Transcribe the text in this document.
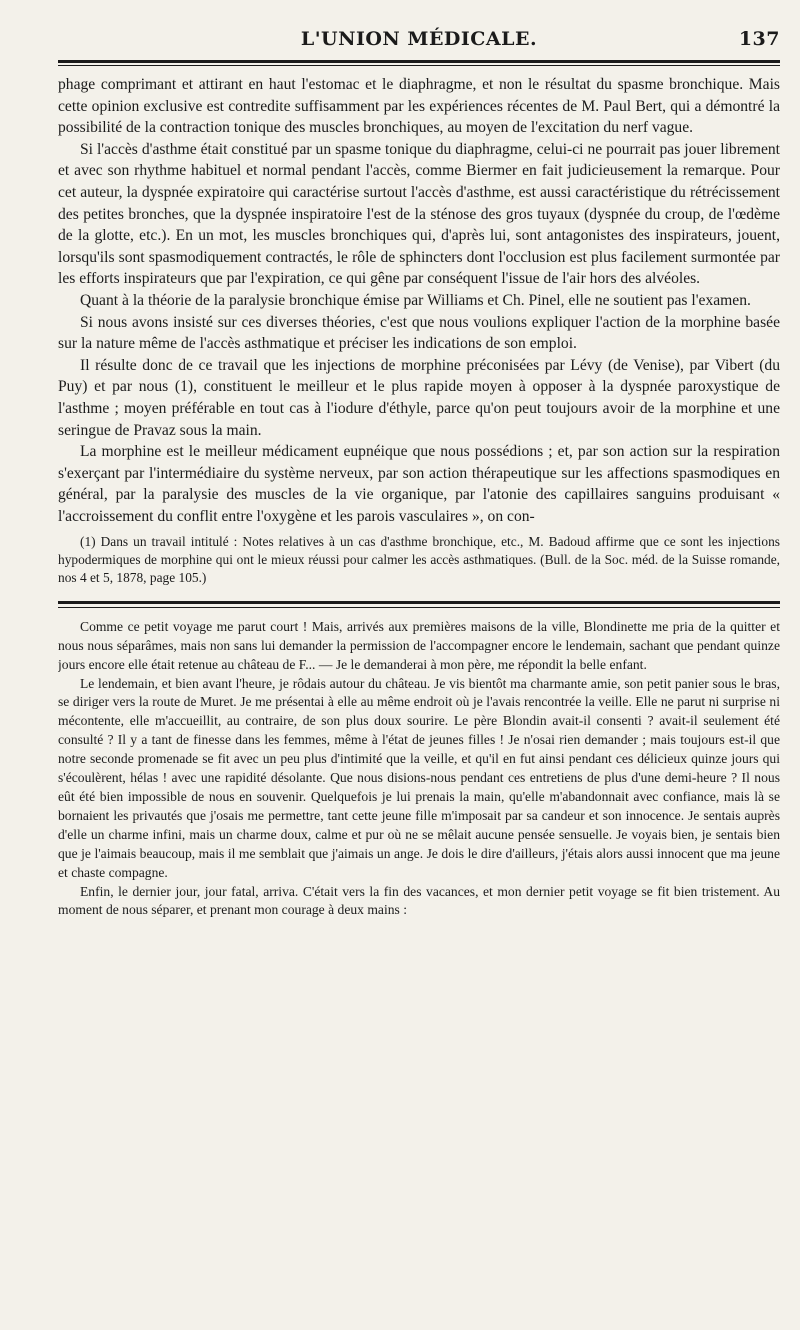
L'UNION MÉDICALE.	137

phage comprimant et attirant en haut l'estomac et le diaphragme, et non le résultat du spasme bronchique. Mais cette opinion exclusive est contredite suffisamment par les expériences récentes de M. Paul Bert, qui a démontré la possibilité de la contraction tonique des muscles bronchiques, au moyen de l'excitation du nerf vague.

Si l'accès d'asthme était constitué par un spasme tonique du diaphragme, celui-ci ne pourrait pas jouer librement et avec son rhythme habituel et normal pendant l'accès, comme Biermer en fait judicieusement la remarque. Pour cet auteur, la dyspnée expiratoire qui caractérise surtout l'accès d'asthme, est aussi caractéristique du rétrécissement des petites bronches, que la dyspnée inspiratoire l'est de la sténose des gros tuyaux (dyspnée du croup, de l'œdème de la glotte, etc.). En un mot, les muscles bronchiques qui, d'après lui, sont antagonistes des inspirateurs, jouent, lorsqu'ils sont spasmodiquement contractés, le rôle de sphincters dont l'occlusion est plus facilement surmontée par les efforts inspirateurs que par l'expiration, ce qui gêne par conséquent l'issue de l'air hors des alvéoles.

Quant à la théorie de la paralysie bronchique émise par Williams et Ch. Pinel, elle ne soutient pas l'examen.

Si nous avons insisté sur ces diverses théories, c'est que nous voulions expliquer l'action de la morphine basée sur la nature même de l'accès asthmatique et préciser les indications de son emploi.

Il résulte donc de ce travail que les injections de morphine préconisées par Lévy (de Venise), par Vibert (du Puy) et par nous (1), constituent le meilleur et le plus rapide moyen à opposer à la dyspnée paroxystique de l'asthme ; moyen préférable en tout cas à l'iodure d'éthyle, parce qu'on peut toujours avoir de la morphine et une seringue de Pravaz sous la main.

La morphine est le meilleur médicament eupnéique que nous possédions ; et, par son action sur la respiration s'exerçant par l'intermédiaire du système nerveux, par son action thérapeutique sur les affections spasmodiques en général, par la paralysie des muscles de la vie organique, par l'atonie des capillaires sanguins produisant « l'accroissement du conflit entre l'oxygène et les parois vasculaires », on con-

(1) Dans un travail intitulé : Notes relatives à un cas d'asthme bronchique, etc., M. Badoud affirme que ce sont les injections hypodermiques de morphine qui ont le mieux réussi pour calmer les accès asthmatiques. (Bull. de la Soc. méd. de la Suisse romande, nos 4 et 5, 1878, page 105.)

Comme ce petit voyage me parut court ! Mais, arrivés aux premières maisons de la ville, Blondinette me pria de la quitter et nous nous séparâmes, mais non sans lui demander la permission de l'accompagner encore le lendemain, sachant que pendant quinze jours encore elle était retenue au château de F... — Je le demanderai à mon père, me répondit la belle enfant.

Le lendemain, et bien avant l'heure, je rôdais autour du château. Je vis bientôt ma charmante amie, son petit panier sous le bras, se diriger vers la route de Muret. Je me présentai à elle au même endroit où je l'avais rencontrée la veille. Elle ne parut ni surprise ni mécontente, elle m'accueillit, au contraire, de son plus doux sourire. Le père Blondin avait-il consenti ? avait-il seulement été consulté ? Il y a tant de finesse dans les femmes, même à l'état de jeunes filles ! Je n'osai rien demander ; mais toujours est-il que notre seconde promenade se fit avec un peu plus d'intimité que la veille, et qu'il en fut ainsi pendant ces délicieux quinze jours qui s'écoulèrent, hélas ! avec une rapidité désolante. Que nous disions-nous pendant ces entretiens de plus d'une demi-heure ? Il nous eût été bien impossible de nous en souvenir. Quelquefois je lui prenais la main, qu'elle m'abandonnait avec confiance, mais là se bornaient les privautés que j'osais me permettre, tant cette jeune fille m'imposait par sa candeur et son innocence. Je sentais auprès d'elle un charme infini, mais un charme doux, calme et pur où ne se mêlait aucune pensée sensuelle. Je voyais bien, je sentais bien que je l'aimais beaucoup, mais il me semblait que j'aimais un ange. Je dois le dire d'ailleurs, j'étais alors aussi innocent que ma jeune et chaste compagne.

Enfin, le dernier jour, jour fatal, arriva. C'était vers la fin des vacances, et mon dernier petit voyage se fit bien tristement. Au moment de nous séparer, et prenant mon courage à deux mains :
